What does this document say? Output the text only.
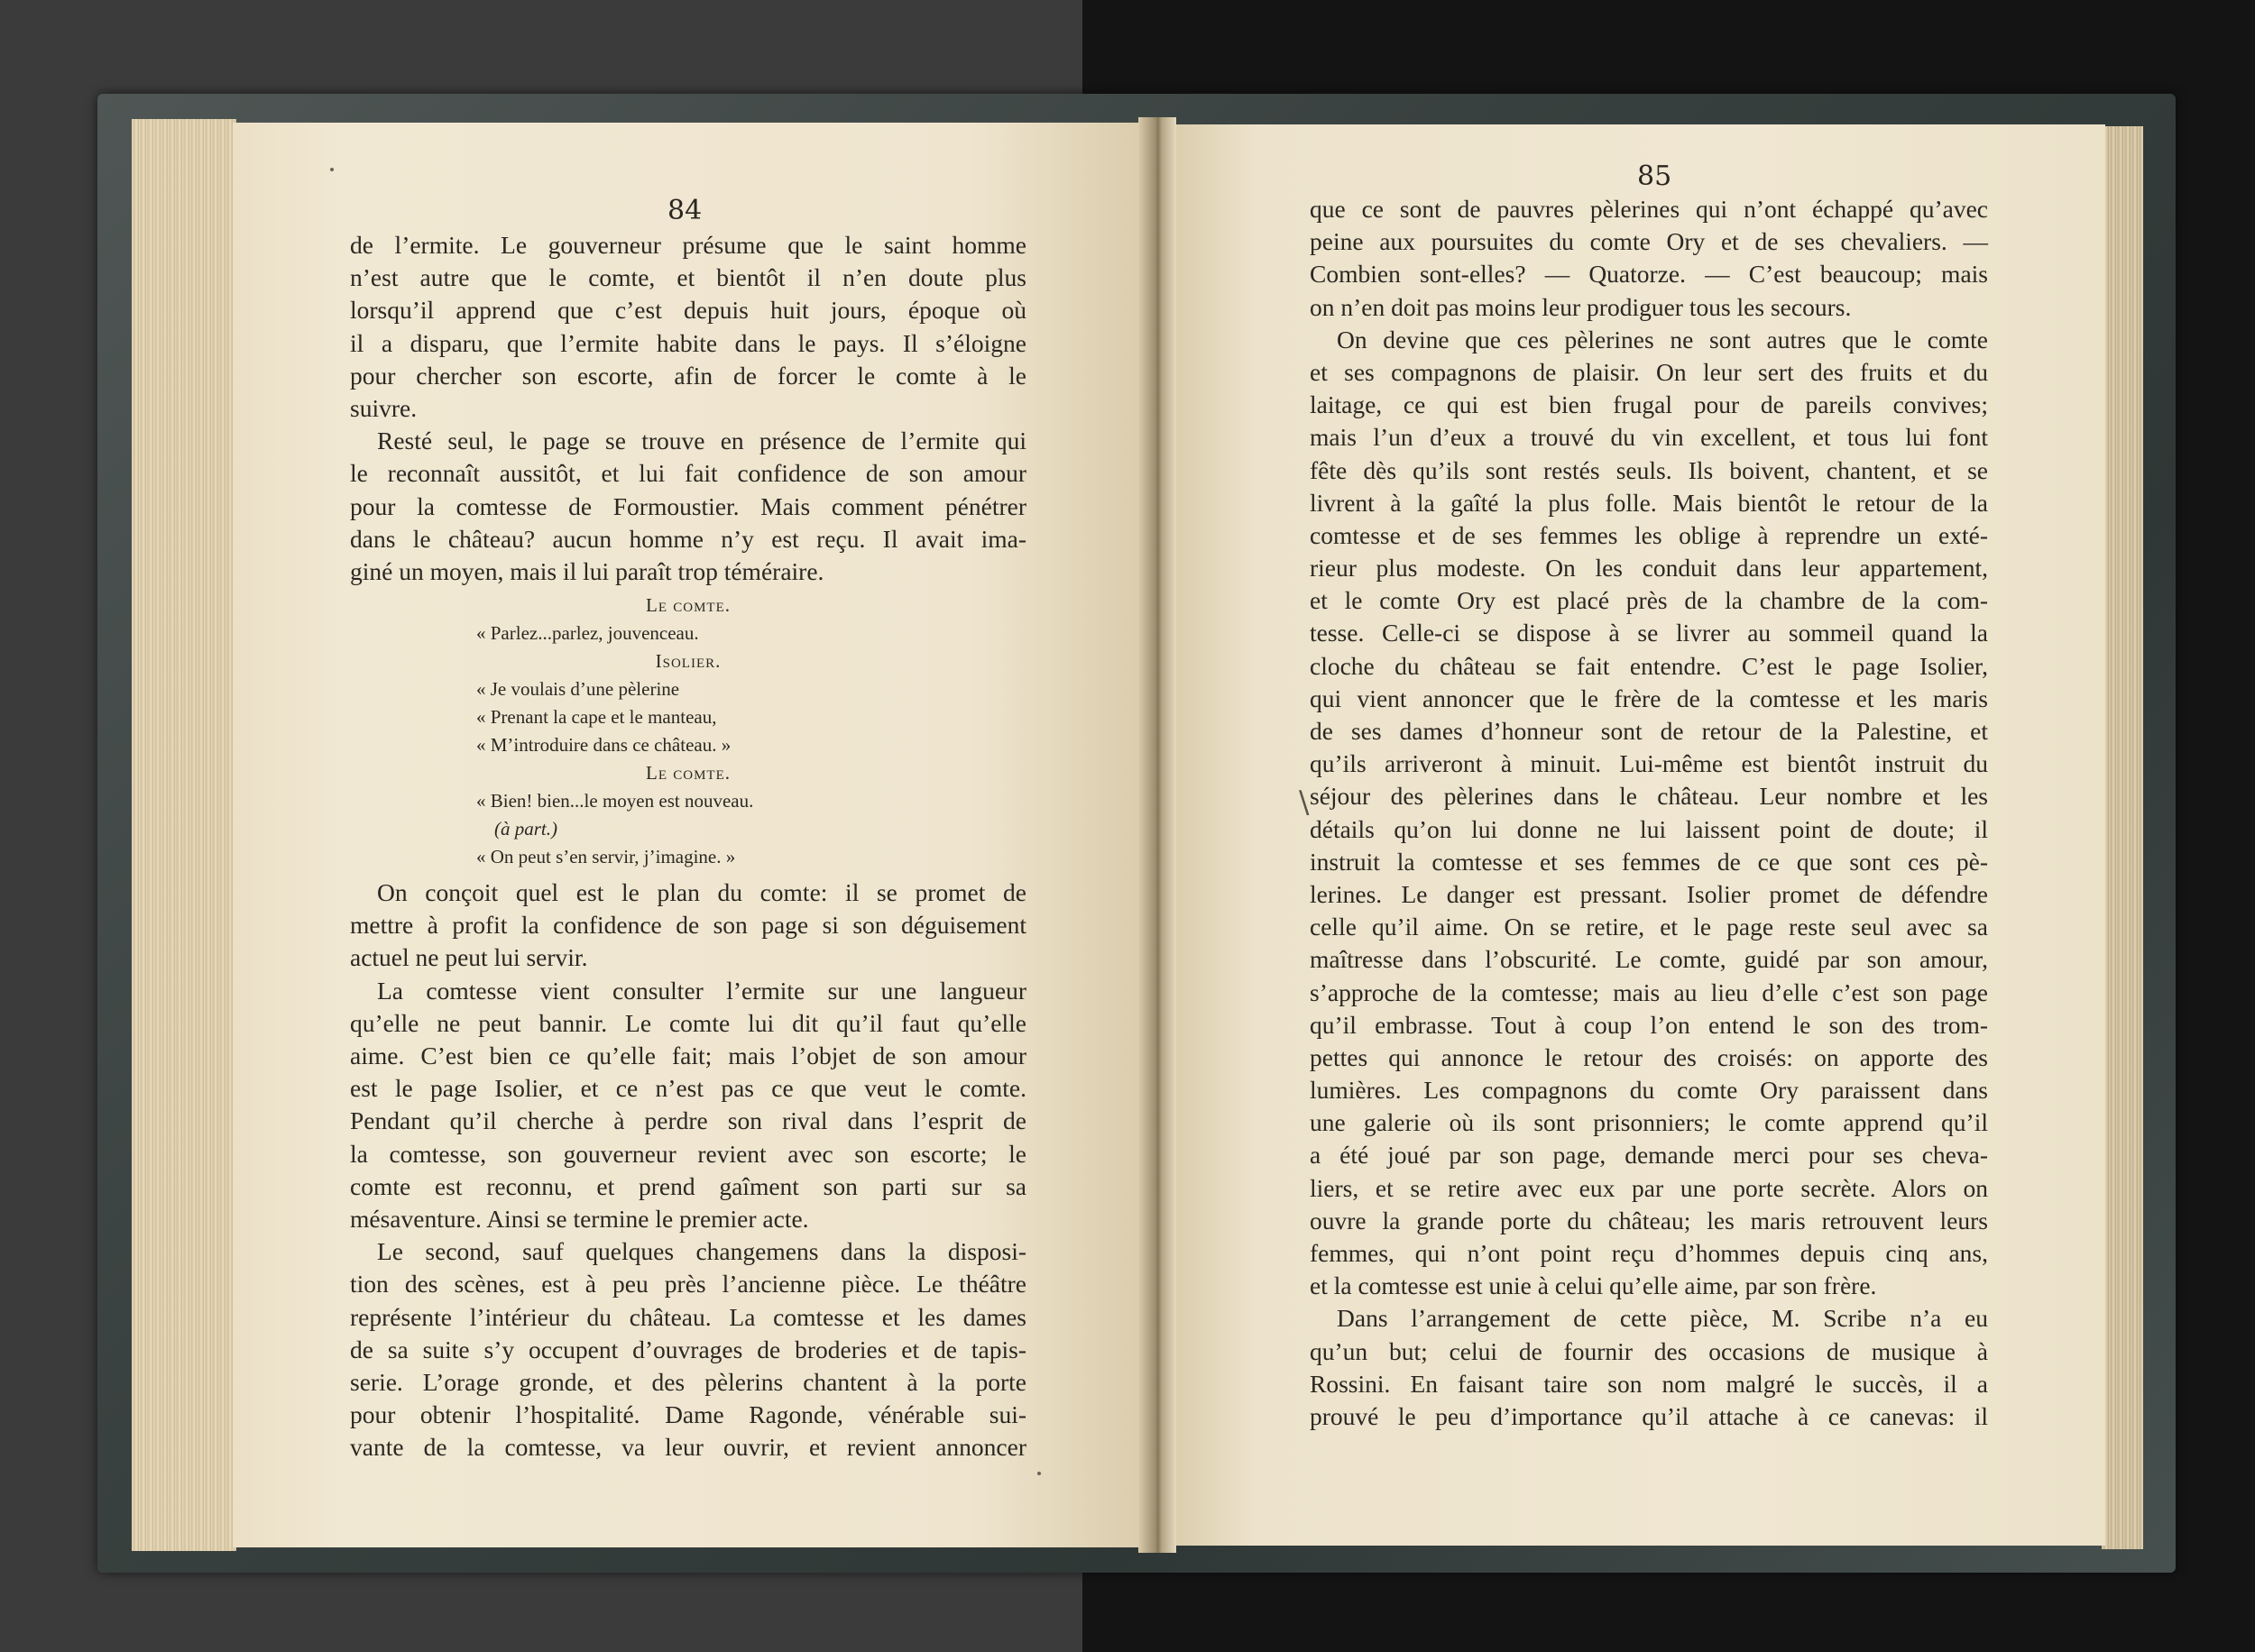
84
85
de l’ermite. Le gouverneur présume que le saint homme
n’est autre que le comte, et bientôt il n’en doute plus
lorsqu’il apprend que c’est depuis huit jours, époque où
il a disparu, que l’ermite habite dans le pays. Il s’éloigne
pour chercher son escorte, afin de forcer le comte à le
suivre.
Resté seul, le page se trouve en présence de l’ermite qui
le reconnaît aussitôt, et lui fait confidence de son amour
pour la comtesse de Formoustier. Mais comment pénétrer
dans le château? aucun homme n’y est reçu. Il avait ima-
giné un moyen, mais il lui paraît trop téméraire.
Le comte.
« Parlez...parlez, jouvenceau.
Isolier.
« Je voulais d’une pèlerine
« Prenant la cape et le manteau,
« M’introduire dans ce château. »
Le comte.
« Bien! bien...le moyen est nouveau.
(à part.)
« On peut s’en servir, j’imagine. »
On conçoit quel est le plan du comte: il se promet de
mettre à profit la confidence de son page si son déguisement
actuel ne peut lui servir.
La comtesse vient consulter l’ermite sur une langueur
qu’elle ne peut bannir. Le comte lui dit qu’il faut qu’elle
aime. C’est bien ce qu’elle fait; mais l’objet de son amour
est le page Isolier, et ce n’est pas ce que veut le comte.
Pendant qu’il cherche à perdre son rival dans l’esprit de
la comtesse, son gouverneur revient avec son escorte; le
comte est reconnu, et prend gaîment son parti sur sa
mésaventure. Ainsi se termine le premier acte.
Le second, sauf quelques changemens dans la disposi-
tion des scènes, est à peu près l’ancienne pièce. Le théâtre
représente l’intérieur du château. La comtesse et les dames
de sa suite s’y occupent d’ouvrages de broderies et de tapis-
serie. L’orage gronde, et des pèlerins chantent à la porte
pour obtenir l’hospitalité. Dame Ragonde, vénérable sui-
vante de la comtesse, va leur ouvrir, et revient annoncer
que ce sont de pauvres pèlerines qui n’ont échappé qu’avec
peine aux poursuites du comte Ory et de ses chevaliers. —
Combien sont-elles? — Quatorze. — C’est beaucoup; mais
on n’en doit pas moins leur prodiguer tous les secours.
On devine que ces pèlerines ne sont autres que le comte
et ses compagnons de plaisir. On leur sert des fruits et du
laitage, ce qui est bien frugal pour de pareils convives;
mais l’un d’eux a trouvé du vin excellent, et tous lui font
fête dès qu’ils sont restés seuls. Ils boivent, chantent, et se
livrent à la gaîté la plus folle. Mais bientôt le retour de la
comtesse et de ses femmes les oblige à reprendre un exté-
rieur plus modeste. On les conduit dans leur appartement,
et le comte Ory est placé près de la chambre de la com-
tesse. Celle-ci se dispose à se livrer au sommeil quand la
cloche du château se fait entendre. C’est le page Isolier,
qui vient annoncer que le frère de la comtesse et les maris
de ses dames d’honneur sont de retour de la Palestine, et
qu’ils arriveront à minuit. Lui-même est bientôt instruit du
séjour des pèlerines dans le château. Leur nombre et les
détails qu’on lui donne ne lui laissent point de doute; il
instruit la comtesse et ses femmes de ce que sont ces pè-
lerines. Le danger est pressant. Isolier promet de défendre
celle qu’il aime. On se retire, et le page reste seul avec sa
maîtresse dans l’obscurité. Le comte, guidé par son amour,
s’approche de la comtesse; mais au lieu d’elle c’est son page
qu’il embrasse. Tout à coup l’on entend le son des trom-
pettes qui annonce le retour des croisés: on apporte des
lumières. Les compagnons du comte Ory paraissent dans
une galerie où ils sont prisonniers; le comte apprend qu’il
a été joué par son page, demande merci pour ses cheva-
liers, et se retire avec eux par une porte secrète. Alors on
ouvre la grande porte du château; les maris retrouvent leurs
femmes, qui n’ont point reçu d’hommes depuis cinq ans,
et la comtesse est unie à celui qu’elle aime, par son frère.
Dans l’arrangement de cette pièce, M. Scribe n’a eu
qu’un but; celui de fournir des occasions de musique à
Rossini. En faisant taire son nom malgré le succès, il a
prouvé le peu d’importance qu’il attache à ce canevas: il
\
